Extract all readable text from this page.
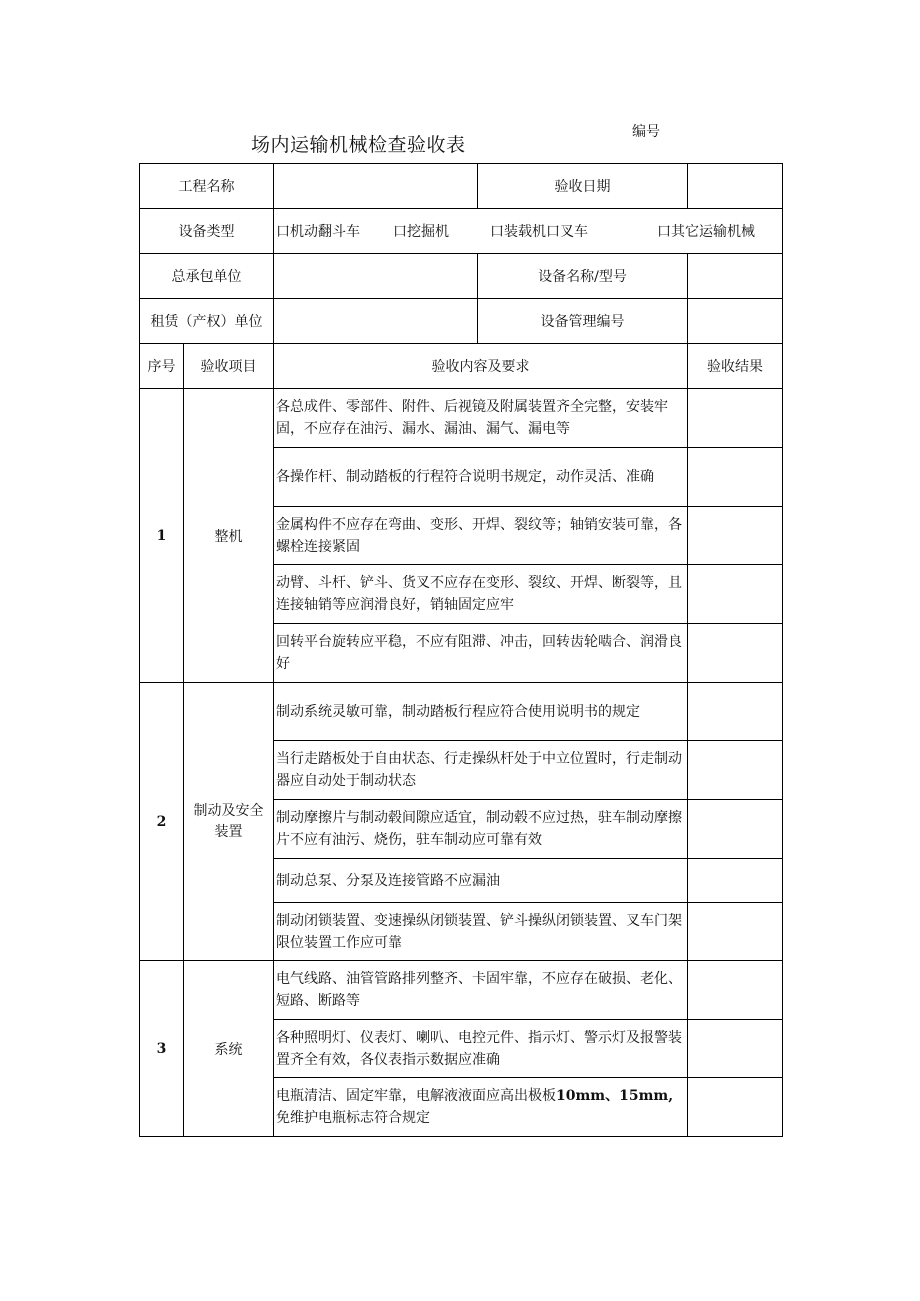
场内运输机械检查验收表
编号
工程名称			验收日期	
设备类型		口机动翻斗车 口挖掘机 口装载机口叉车 口其它运输机械		
总承包单位			设备名称/型号	
租赁（产权）单位			设备管理编号	
序号	验收项目	验收内容及要求		验收结果
1	整机	各总成件、零部件、附件、后视镜及附属装置齐全完整，安装牢固，不应存在油污、漏水、漏油、漏气、漏电等		
		各操作杆、制动踏板的行程符合说明书规定，动作灵活、准确		
		金属构件不应存在弯曲、变形、开焊、裂纹等；轴销安装可靠，各螺栓连接紧固		
		动臂、斗杆、铲斗、货叉不应存在变形、裂纹、开焊、断裂等，且连接轴销等应润滑良好，销轴固定应牢		
		回转平台旋转应平稳，不应有阻滞、冲击，回转齿轮啮合、润滑良好		
2	制动及安全装置	制动系统灵敏可靠，制动踏板行程应符合使用说明书的规定		
		当行走踏板处于自由状态、行走操纵杆处于中立位置时，行走制动器应自动处于制动状态		
		制动摩擦片与制动毂间隙应适宜，制动毂不应过热，驻车制动摩擦片不应有油污、烧伤，驻车制动应可靠有效		
		制动总泵、分泵及连接管路不应漏油		
		制动闭锁装置、变速操纵闭锁装置、铲斗操纵闭锁装置、叉车门架限位装置工作应可靠		
3	系统	电气线路、油管管路排列整齐、卡固牢靠，不应存在破损、老化、短路、断路等		
		各种照明灯、仪表灯、喇叭、电控元件、指示灯、警示灯及报警装置齐全有效，各仪表指示数据应准确		
		电瓶清洁、固定牢靠，电解液液面应高出极板10mm、15mm,
免维护电瓶标志符合规定		
